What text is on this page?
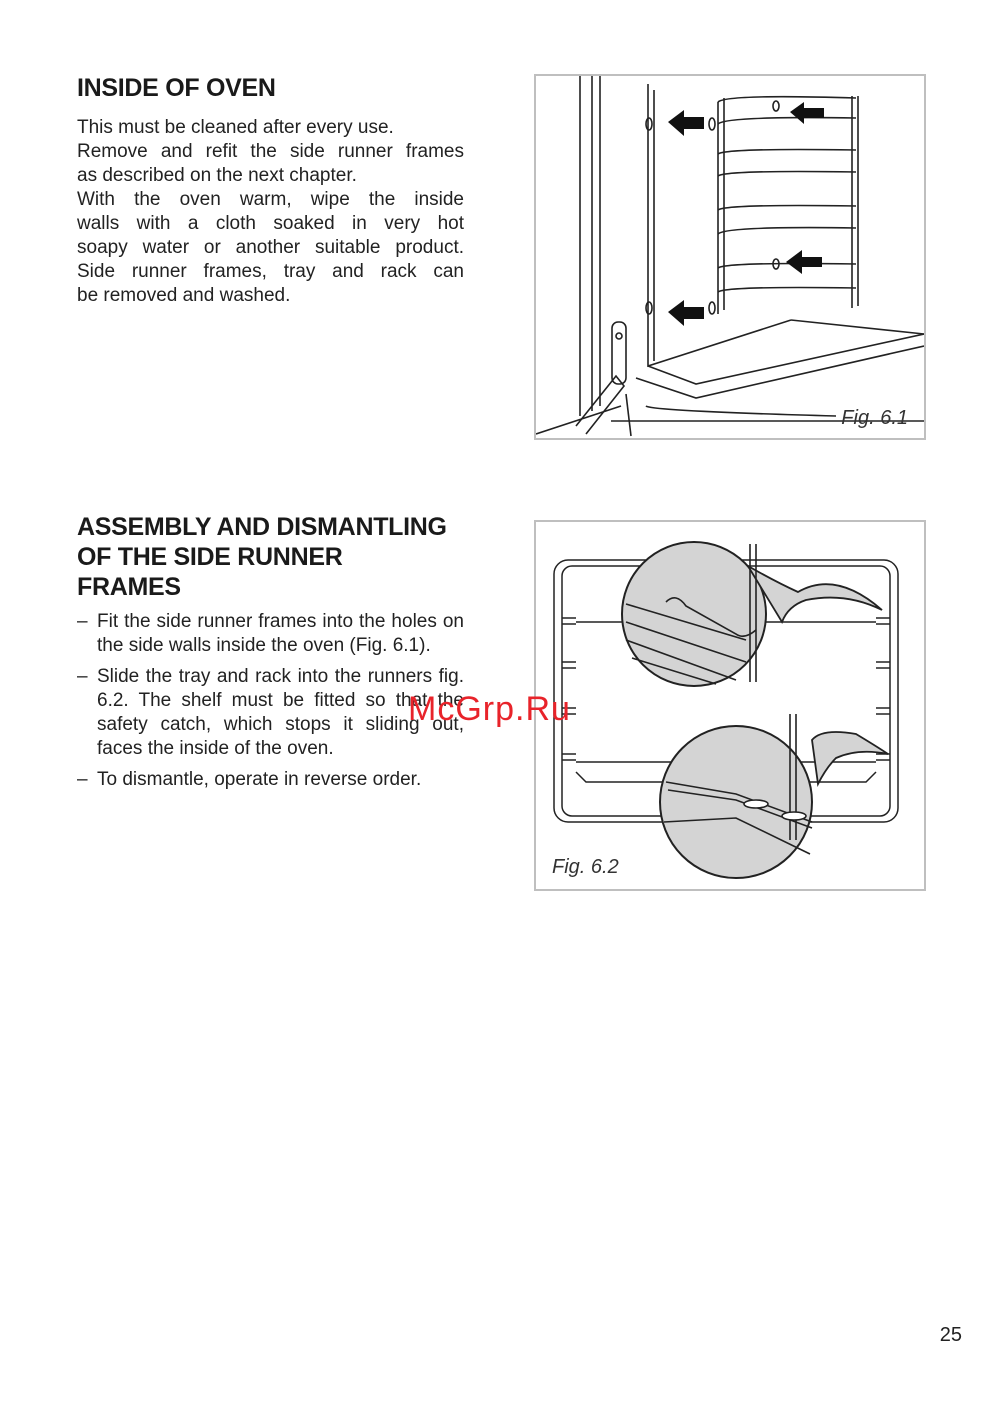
INSIDE OF OVEN

This must be cleaned after every use.

Remove and refit the side runner frames

as described on the next chapter.

With the oven warm, wipe the inside

walls with a cloth soaked in very hot

soapy water or another suitable product.

Side runner frames, tray and rack can

be removed and washed.

Fig. 6.1
ASSEMBLY AND DISMANTLING
OF THE SIDE RUNNER
FRAMES
– Fit the side runner frames into the holes on the side walls inside the oven (Fig. 6.1).
– Slide the tray and rack into the runners fig. 6.2. The shelf must be fitted so that the safety catch, which stops it sliding out, faces the inside of the oven.
– To dismantle, operate in reverse order.
Fig. 6.2
McGrp.Ru
25
